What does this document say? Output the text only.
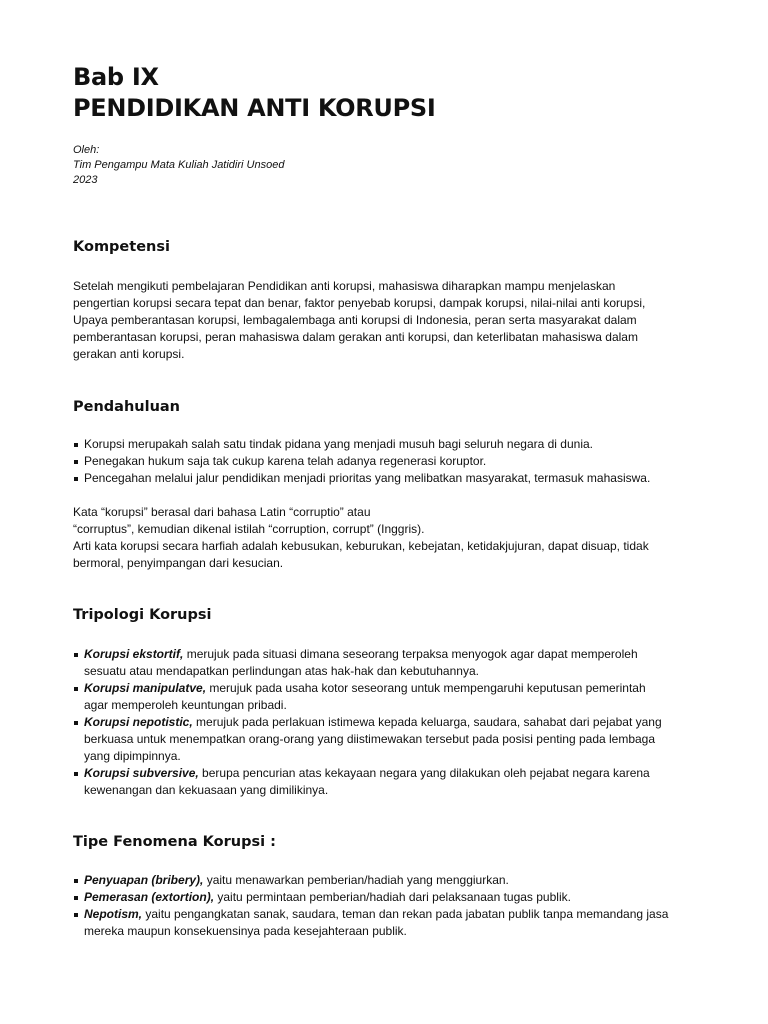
Bab IX
PENDIDIKAN ANTI KORUPSI
Oleh:
Tim Pengampu Mata Kuliah Jatidiri Unsoed
2023
Kompetensi
Setelah mengikuti pembelajaran Pendidikan anti korupsi, mahasiswa diharapkan mampu menjelaskan
pengertian korupsi secara tepat dan benar, faktor penyebab korupsi, dampak korupsi, nilai-nilai anti korupsi,
Upaya pemberantasan korupsi, lembagalembaga anti korupsi di Indonesia, peran serta masyarakat dalam
pemberantasan korupsi, peran mahasiswa dalam gerakan anti korupsi, dan keterlibatan mahasiswa dalam
gerakan anti korupsi.
Pendahuluan
Korupsi merupakah salah satu tindak pidana yang menjadi musuh bagi seluruh negara di dunia.
Penegakan hukum saja tak cukup karena telah adanya regenerasi koruptor.
Pencegahan melalui jalur pendidikan menjadi prioritas yang melibatkan masyarakat, termasuk mahasiswa.
Kata “korupsi” berasal dari bahasa Latin “corruptio” atau
“corruptus”, kemudian dikenal istilah “corruption, corrupt” (Inggris).
Arti kata korupsi secara harfiah adalah kebusukan, keburukan, kebejatan, ketidakjujuran, dapat disuap, tidak
bermoral, penyimpangan dari kesucian.
Tripologi Korupsi
Korupsi ekstortif, merujuk pada situasi dimana seseorang terpaksa menyogok agar dapat memperoleh
sesuatu atau mendapatkan perlindungan atas hak-hak dan kebutuhannya.
Korupsi manipulatve, merujuk pada usaha kotor seseorang untuk mempengaruhi keputusan pemerintah
agar memperoleh keuntungan pribadi.
Korupsi nepotistic, merujuk pada perlakuan istimewa kepada keluarga, saudara, sahabat dari pejabat yang
berkuasa untuk menempatkan orang-orang yang diistimewakan tersebut pada posisi penting pada lembaga
yang dipimpinnya.
Korupsi subversive, berupa pencurian atas kekayaan negara yang dilakukan oleh pejabat negara karena
kewenangan dan kekuasaan yang dimilikinya.
Tipe Fenomena Korupsi :
Penyuapan (bribery), yaitu menawarkan pemberian/hadiah yang menggiurkan.
Pemerasan (extortion), yaitu permintaan pemberian/hadiah dari pelaksanaan tugas publik.
Nepotism, yaitu pengangkatan sanak, saudara, teman dan rekan pada jabatan publik tanpa memandang jasa
mereka maupun konsekuensinya pada kesejahteraan publik.
